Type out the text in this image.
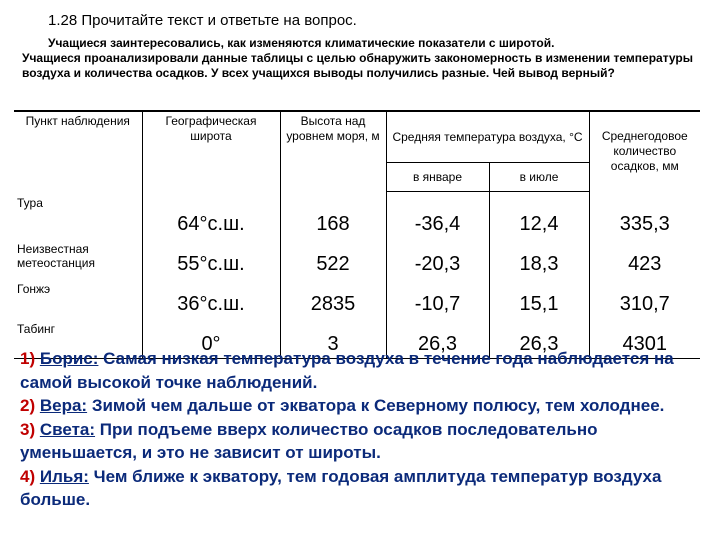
1.28 Прочитайте текст и ответьте на вопрос.
Учащиеся заинтересовались, как изменяются климатические показатели с широтой.
Учащиеся проанализировали данные таблицы с целью обнаружить закономерность в изменении температуры воздуха и количества осадков. У всех учащихся выводы получились разные. Чей вывод верный?
Пункт наблюдения	Географическая широта	Высота над уровнем моря, м	Средняя температура воздуха, °С		Среднегодовое количество осадков, мм
			в январе	в июле	
Тура	64°с.ш.	168	-36,4	12,4	335,3
Неизвестная метеостанция	55°с.ш.	522	-20,3	18,3	423
Гонжэ	36°с.ш.	2835	-10,7	15,1	310,7
Табинг	0°	3	26,3	26,3	4301
1) Борис: Самая низкая температура воздуха в течение года наблюдается на самой высокой точке наблюдений.
2) Вера: Зимой чем дальше от экватора к Северному полюсу, тем холоднее.
3) Света: При подъеме вверх количество осадков последовательно уменьшается, и это не зависит от широты.
4) Илья: Чем ближе к экватору, тем годовая амплитуда температур воздуха больше.
